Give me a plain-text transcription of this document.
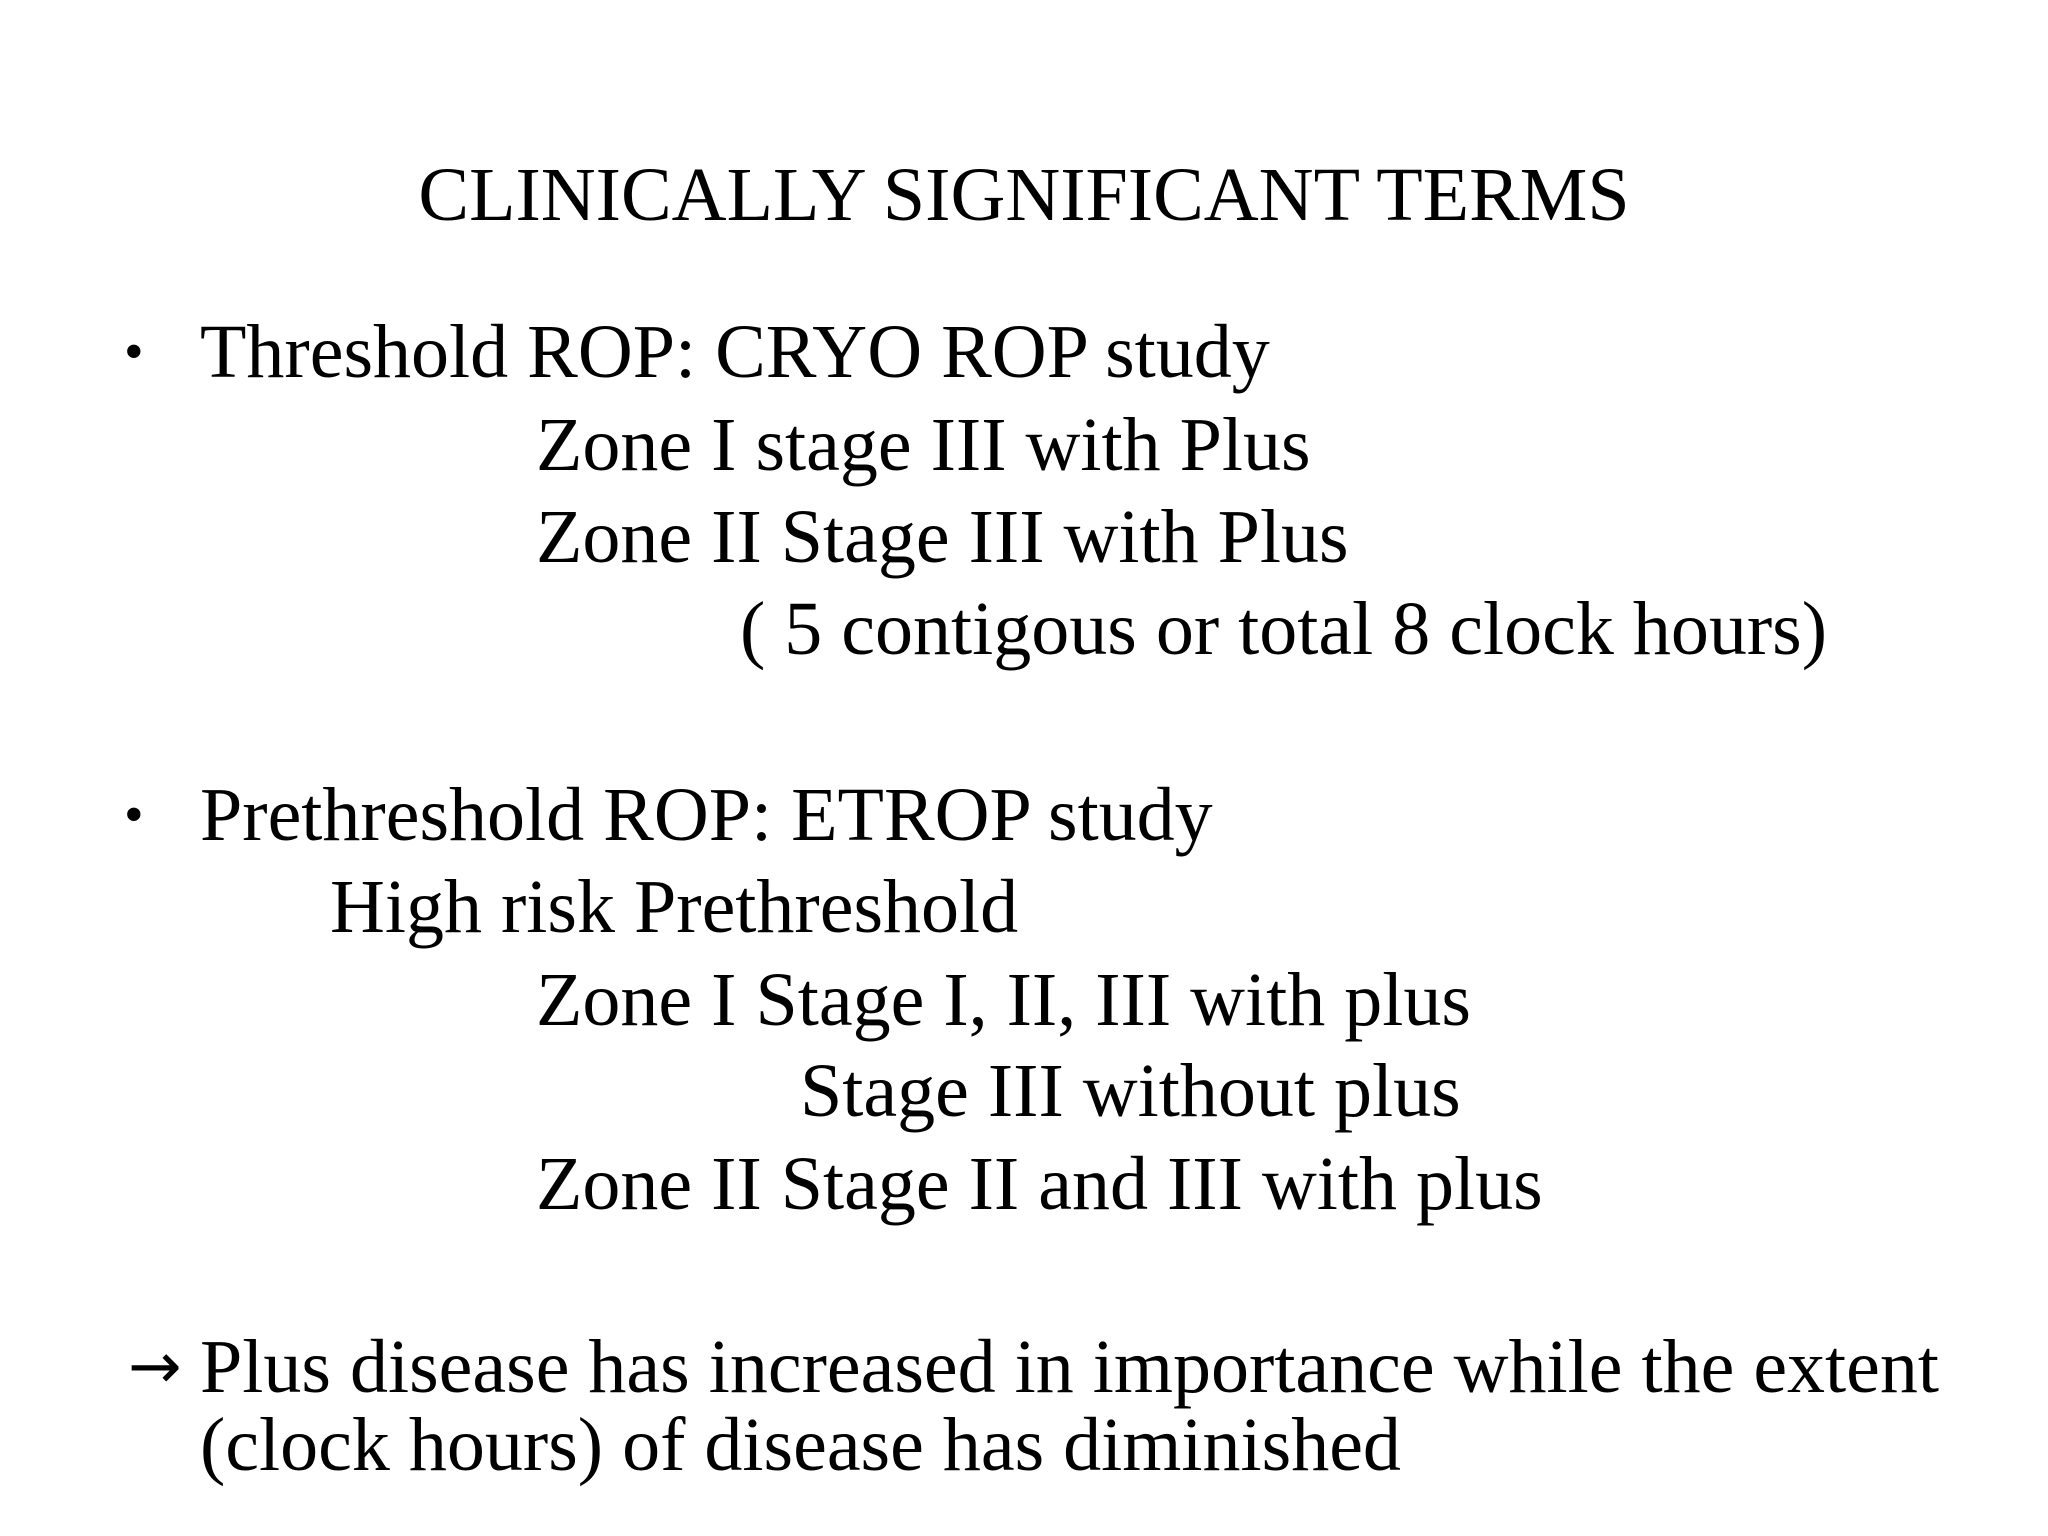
CLINICALLY SIGNIFICANT TERMS
• Threshold ROP: CRYO ROP study
Zone I stage III with Plus
Zone II Stage III with Plus
( 5 contigous or total 8 clock hours)
• Prethreshold ROP: ETROP study
High risk Prethreshold
Zone I Stage I, II, III with plus
Stage III without plus
Zone II Stage II and III with plus
→ Plus disease has increased in importance while the extent
(clock hours) of disease has diminished
